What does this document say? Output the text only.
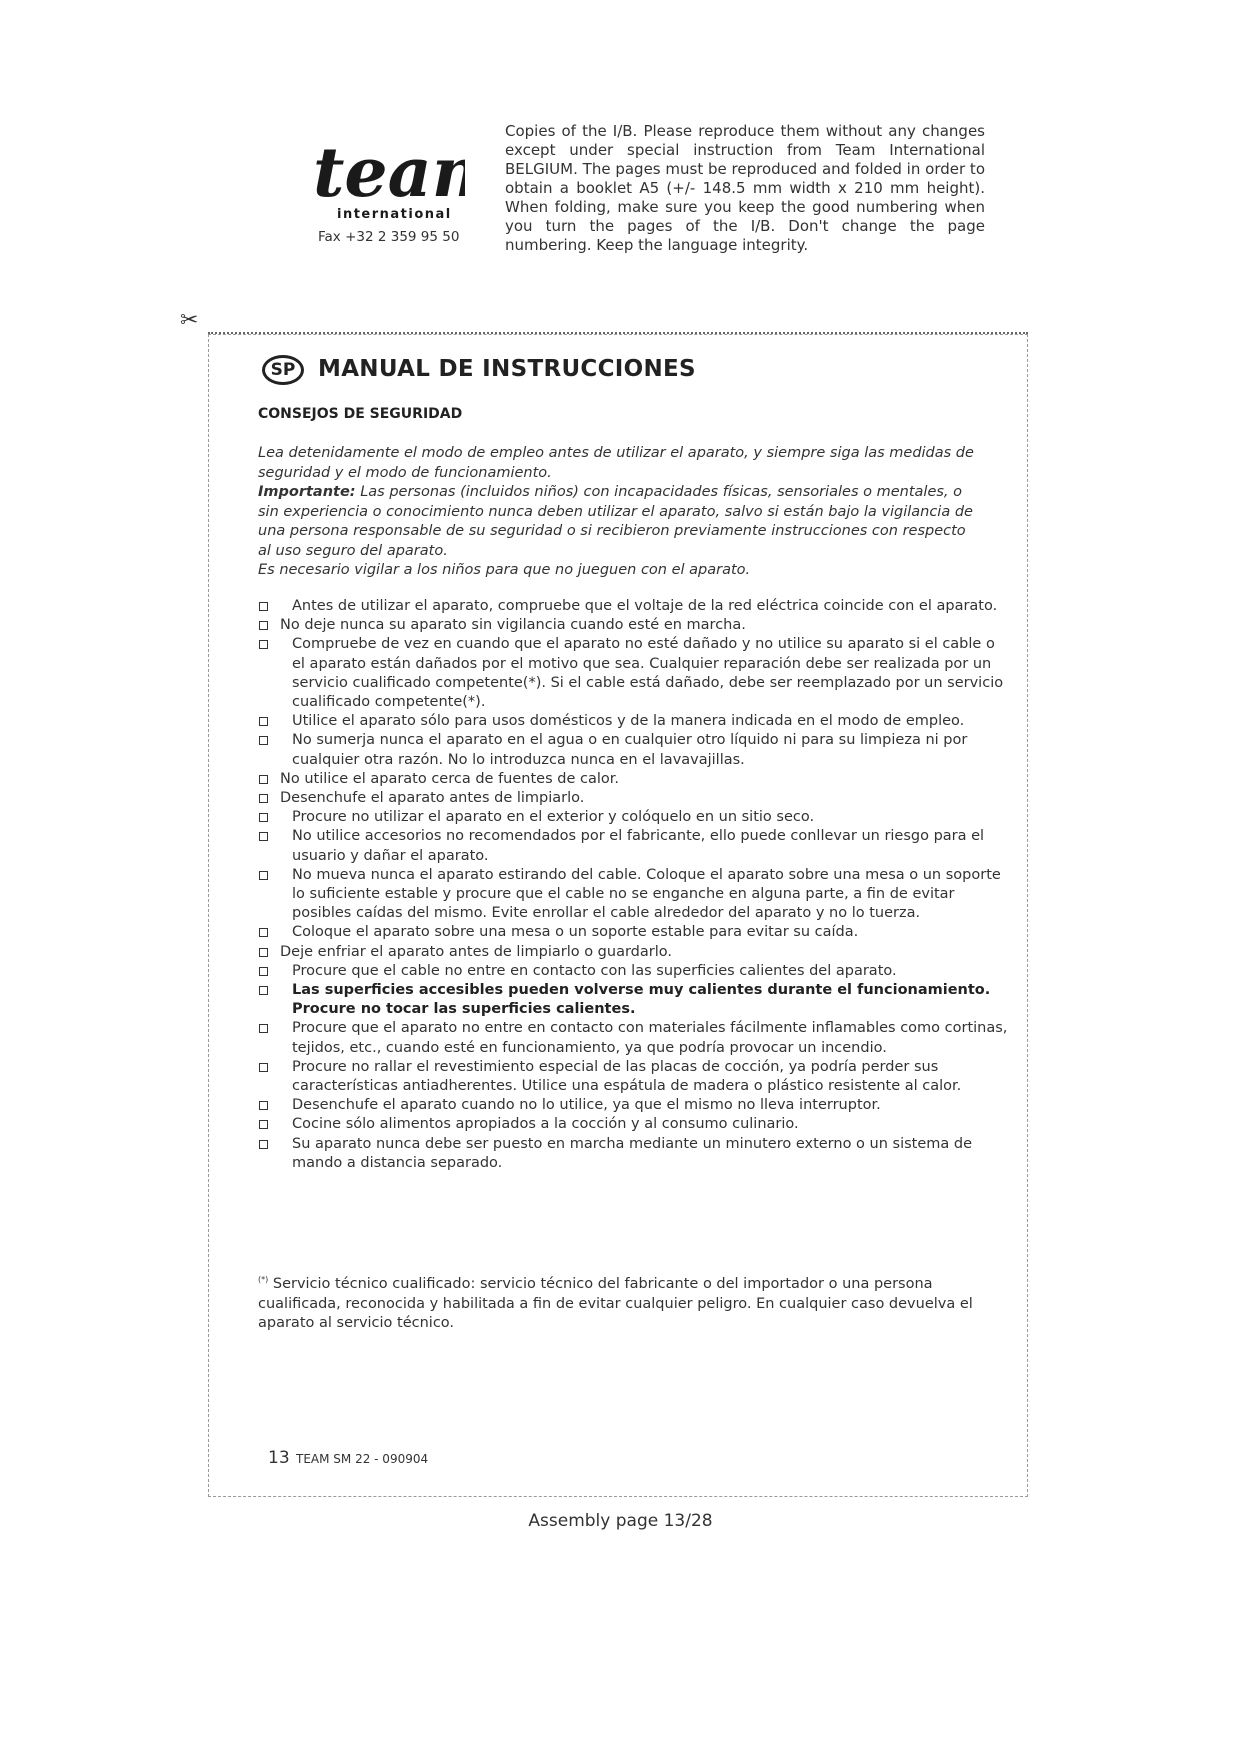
tea
international
Fax +32 2 359 95 50
Copies of the I/B. Please reproduce them without any changes except under special instruction from Team International BELGIUM. The pages must be reproduced and folded in order to obtain a booklet A5 (+/- 148.5 mm width x 210 mm height). When folding, make sure you keep the good numbering when you turn the pages of the I/B. Don't change the page numbering. Keep the language integrity.
✂
SP MANUAL DE INSTRUCCIONES
CONSEJOS DE SEGURIDAD

Lea detenidamente el modo de empleo antes de utilizar el aparato, y siempre siga las medidas de seguridad y el modo de funcionamiento.

Importante: Las personas (incluidos niños) con incapacidades físicas, sensoriales o mentales, o sin experiencia o conocimiento nunca deben utilizar el aparato, salvo si están bajo la vigilancia de una persona responsable de su seguridad o si recibieron previamente instrucciones con respecto al uso seguro del aparato.

Es necesario vigilar a los niños para que no jueguen con el aparato.

Antes de utilizar el aparato, compruebe que el voltaje de la red eléctrica coincide con el aparato.
No deje nunca su aparato sin vigilancia cuando esté en marcha.
Compruebe de vez en cuando que el aparato no esté dañado y no utilice su aparato si el cable o el aparato están dañados por el motivo que sea. Cualquier reparación debe ser realizada por un servicio cualificado competente(*). Si el cable está dañado, debe ser reemplazado por un servicio cualificado competente(*).
Utilice el aparato sólo para usos domésticos y de la manera indicada en el modo de empleo.
No sumerja nunca el aparato en el agua o en cualquier otro líquido ni para su limpieza ni por cualquier otra razón. No lo introduzca nunca en el lavavajillas.
No utilice el aparato cerca de fuentes de calor.
Desenchufe el aparato antes de limpiarlo.
Procure no utilizar el aparato en el exterior y colóquelo en un sitio seco.
No utilice accesorios no recomendados por el fabricante, ello puede conllevar un riesgo para el usuario y dañar el aparato.
No mueva nunca el aparato estirando del cable. Coloque el aparato sobre una mesa o un soporte lo suficiente estable y procure que el cable no se enganche en alguna parte, a fin de evitar posibles caídas del mismo. Evite enrollar el cable alrededor del aparato y no lo tuerza.
Coloque el aparato sobre una mesa o un soporte estable para evitar su caída.
Deje enfriar el aparato antes de limpiarlo o guardarlo.
Procure que el cable no entre en contacto con las superficies calientes del aparato.
Las superficies accesibles pueden volverse muy calientes durante el funcionamiento. Procure no tocar las superficies calientes.
Procure que el aparato no entre en contacto con materiales fácilmente inflamables como cortinas, tejidos, etc., cuando esté en funcionamiento, ya que podría provocar un incendio.
Procure no rallar el revestimiento especial de las placas de cocción, ya podría perder sus características antiadherentes. Utilice una espátula de madera o plástico resistente al calor.
Desenchufe el aparato cuando no lo utilice, ya que el mismo no lleva interruptor.
Cocine sólo alimentos apropiados a la cocción y al consumo culinario.
Su aparato nunca debe ser puesto en marcha mediante un minutero externo o un sistema de mando a distancia separado.
(*) Servicio técnico cualificado: servicio técnico del fabricante o del importador o una persona cualificada, reconocida y habilitada a fin de evitar cualquier peligro. En cualquier caso devuelva el aparato al servicio técnico.
13 TEAM SM 22 - 090904
Assembly page 13/28
